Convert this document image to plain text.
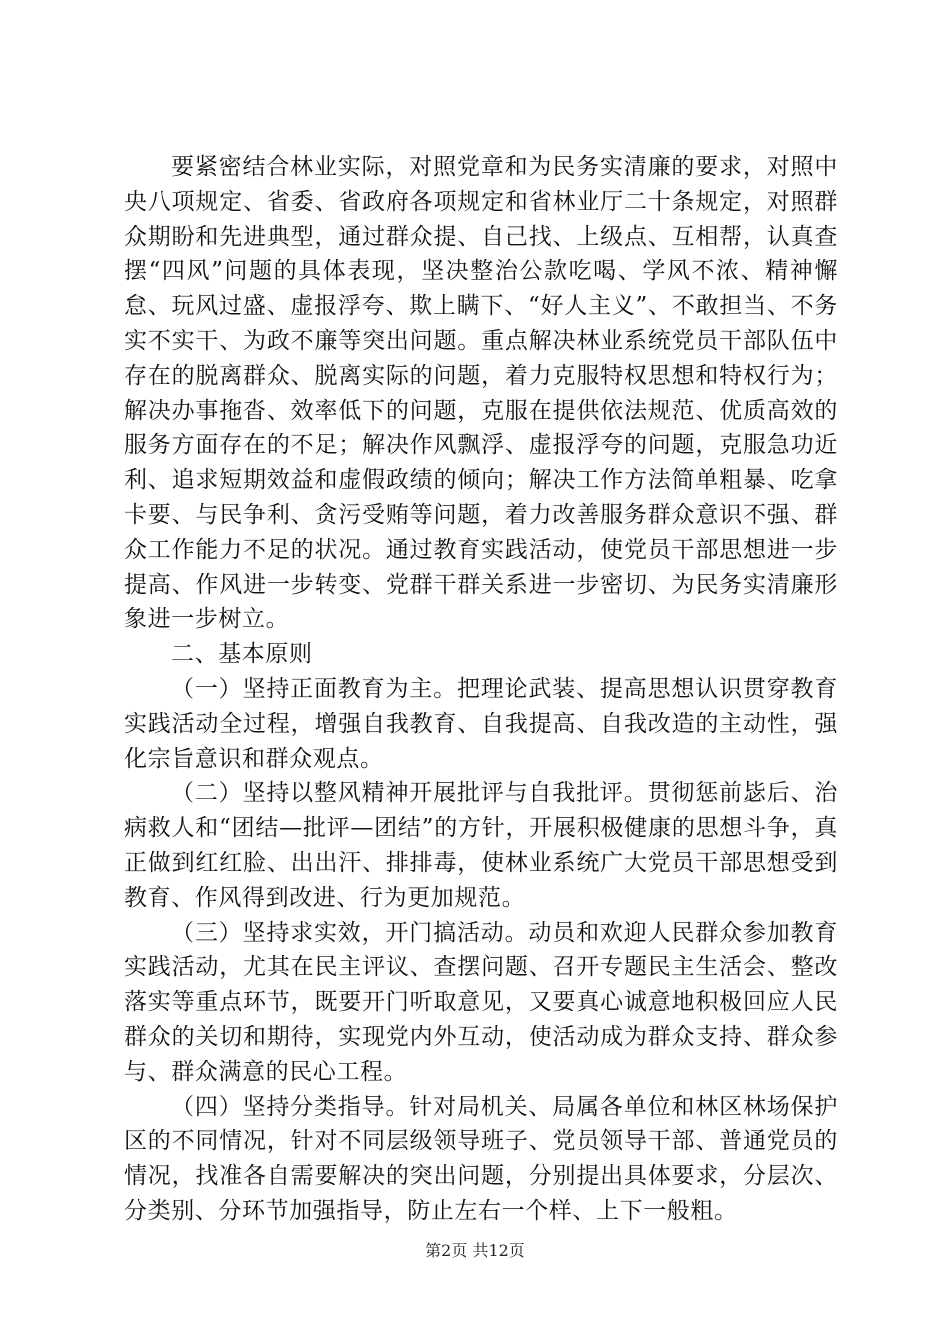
要紧密结合林业实际，对照党章和为民务实清廉的要求，对照中央八项规定、省委、省政府各项规定和省林业厅二十条规定，对照群众期盼和先进典型，通过群众提、自己找、上级点、互相帮，认真查摆“四风”问题的具体表现，坚决整治公款吃喝、学风不浓、精神懈怠、玩风过盛、虚报浮夸、欺上瞒下、“好人主义”、不敢担当、不务实不实干、为政不廉等突出问题。重点解决林业系统党员干部队伍中存在的脱离群众、脱离实际的问题，着力克服特权思想和特权行为；解决办事拖沓、效率低下的问题，克服在提供依法规范、优质高效的服务方面存在的不足；解决作风飘浮、虚报浮夸的问题，克服急功近利、追求短期效益和虚假政绩的倾向；解决工作方法简单粗暴、吃拿卡要、与民争利、贪污受贿等问题，着力改善服务群众意识不强、群众工作能力不足的状况。通过教育实践活动，使党员干部思想进一步提高、作风进一步转变、党群干群关系进一步密切、为民务实清廉形象进一步树立。

二、基本原则

（一）坚持正面教育为主。把理论武装、提高思想认识贯穿教育实践活动全过程，增强自我教育、自我提高、自我改造的主动性，强化宗旨意识和群众观点。

（二）坚持以整风精神开展批评与自我批评。贯彻惩前毖后、治病救人和“团结—批评—团结”的方针，开展积极健康的思想斗争，真正做到红红脸、出出汗、排排毒，使林业系统广大党员干部思想受到教育、作风得到改进、行为更加规范。

（三）坚持求实效，开门搞活动。动员和欢迎人民群众参加教育实践活动，尤其在民主评议、查摆问题、召开专题民主生活会、整改落实等重点环节，既要开门听取意见，又要真心诚意地积极回应人民群众的关切和期待，实现党内外互动，使活动成为群众支持、群众参与、群众满意的民心工程。

（四）坚持分类指导。针对局机关、局属各单位和林区林场保护区的不同情况，针对不同层级领导班子、党员领导干部、普通党员的情况，找准各自需要解决的突出问题，分别提出具体要求，分层次、分类别、分环节加强指导，防止左右一个样、上下一般粗。

第2页 共12页
